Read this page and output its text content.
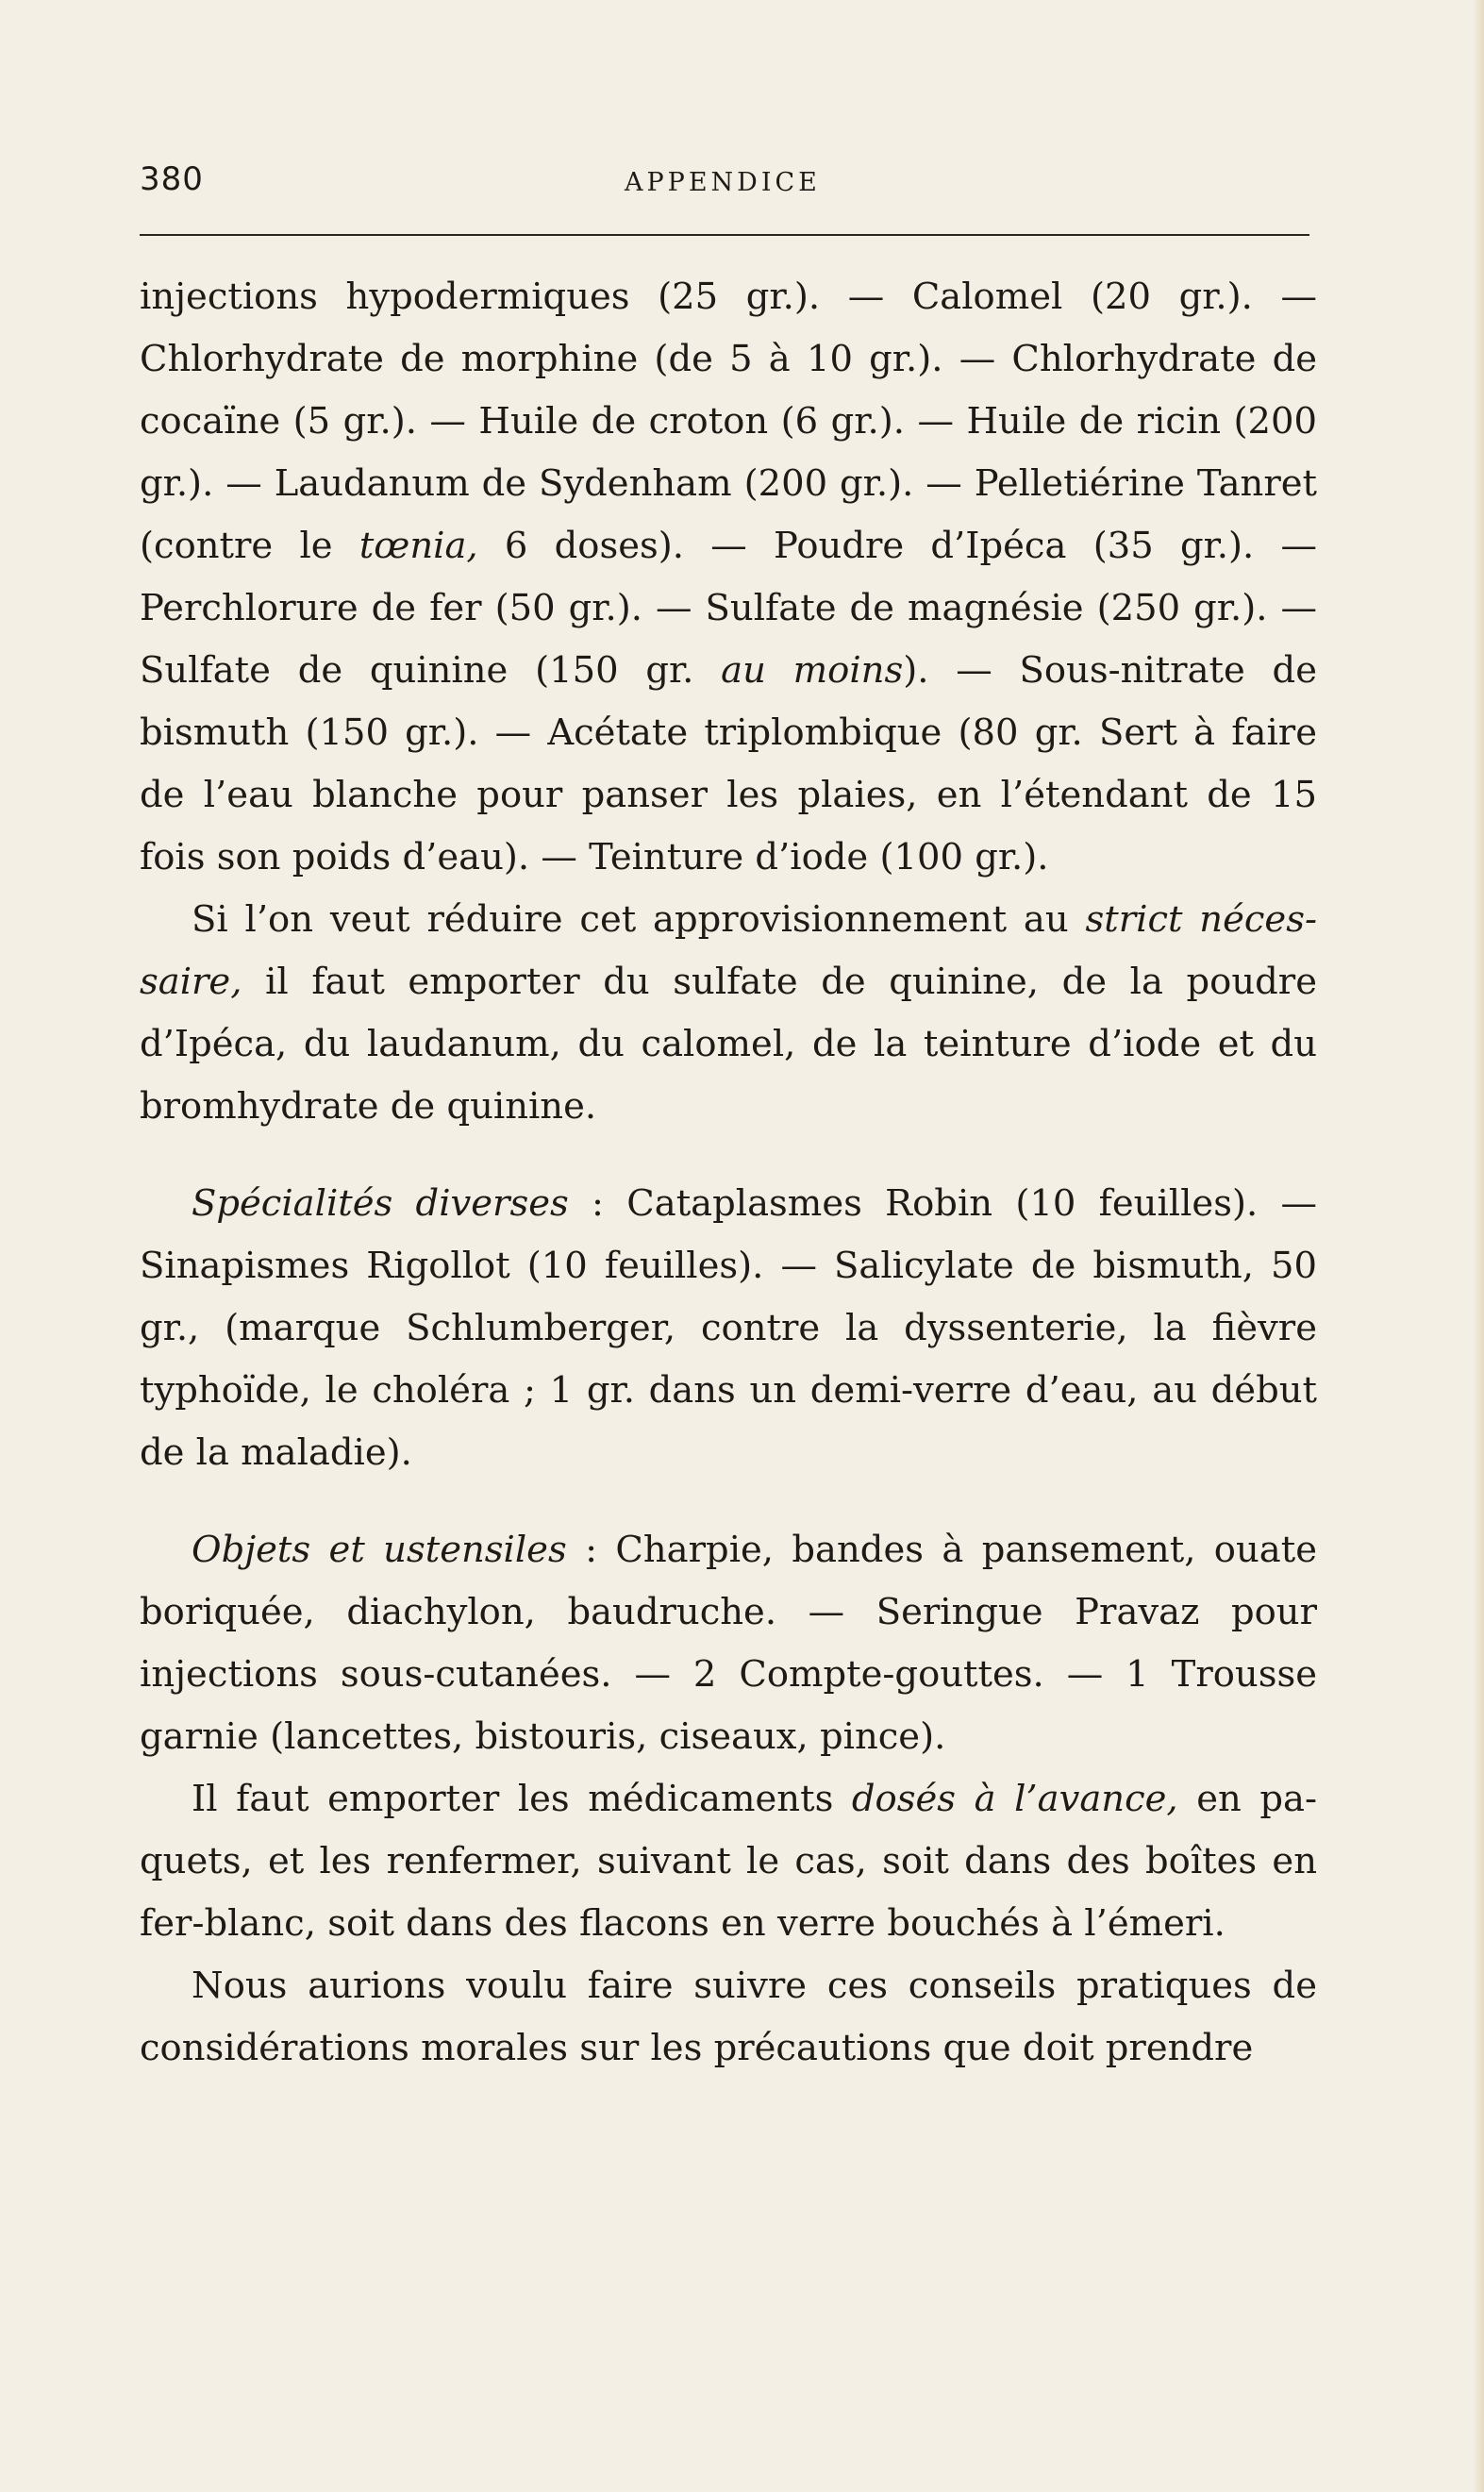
380	APPENDICE

injections hypodermiques (25 gr.). — Calomel (20 gr.). — Chlorhydrate de morphine (de 5 à 10 gr.). — Chlorhydrate de cocaïne (5 gr.). — Huile de croton (6 gr.). — Huile de ricin (200 gr.). — Laudanum de Sydenham (200 gr.). — Pelletiérine Tanret (contre le tœnia, 6 doses). — Poudre d’Ipéca (35 gr.). — Perchlorure de fer (50 gr.). — Sulfate de magnésie (250 gr.). — Sulfate de quinine (150 gr. au moins). — Sous-nitrate de bismuth (150 gr.). — Acétate triplombique (80 gr. Sert à faire de l’eau blanche pour panser les plaies, en l’étendant de 15 fois son poids d’eau). — Teinture d’iode (100 gr.).

Si l’on veut réduire cet approvisionnement au strict nécessaire, il faut emporter du sulfate de quinine, de la poudre d’Ipéca, du laudanum, du calomel, de la teinture d’iode et du bromhydrate de quinine.

Spécialités diverses : Cataplasmes Robin (10 feuilles). — Sinapismes Rigollot (10 feuilles). — Salicylate de bismuth, 50 gr., (marque Schlumberger, contre la dyssenterie, la fièvre typhoïde, le choléra ; 1 gr. dans un demi-verre d’eau, au début de la maladie).

Objets et ustensiles : Charpie, bandes à pansement, ouate boriquée, diachylon, baudruche. — Seringue Pravaz pour injections sous-cutanées. — 2 Compte-gouttes. — 1 Trousse garnie (lancettes, bistouris, ciseaux, pince).

Il faut emporter les médicaments dosés à l’avance, en paquets, et les renfermer, suivant le cas, soit dans des boîtes en fer-blanc, soit dans des flacons en verre bouchés à l’émeri.

Nous aurions voulu faire suivre ces conseils pratiques de considérations morales sur les précautions que doit prendre
